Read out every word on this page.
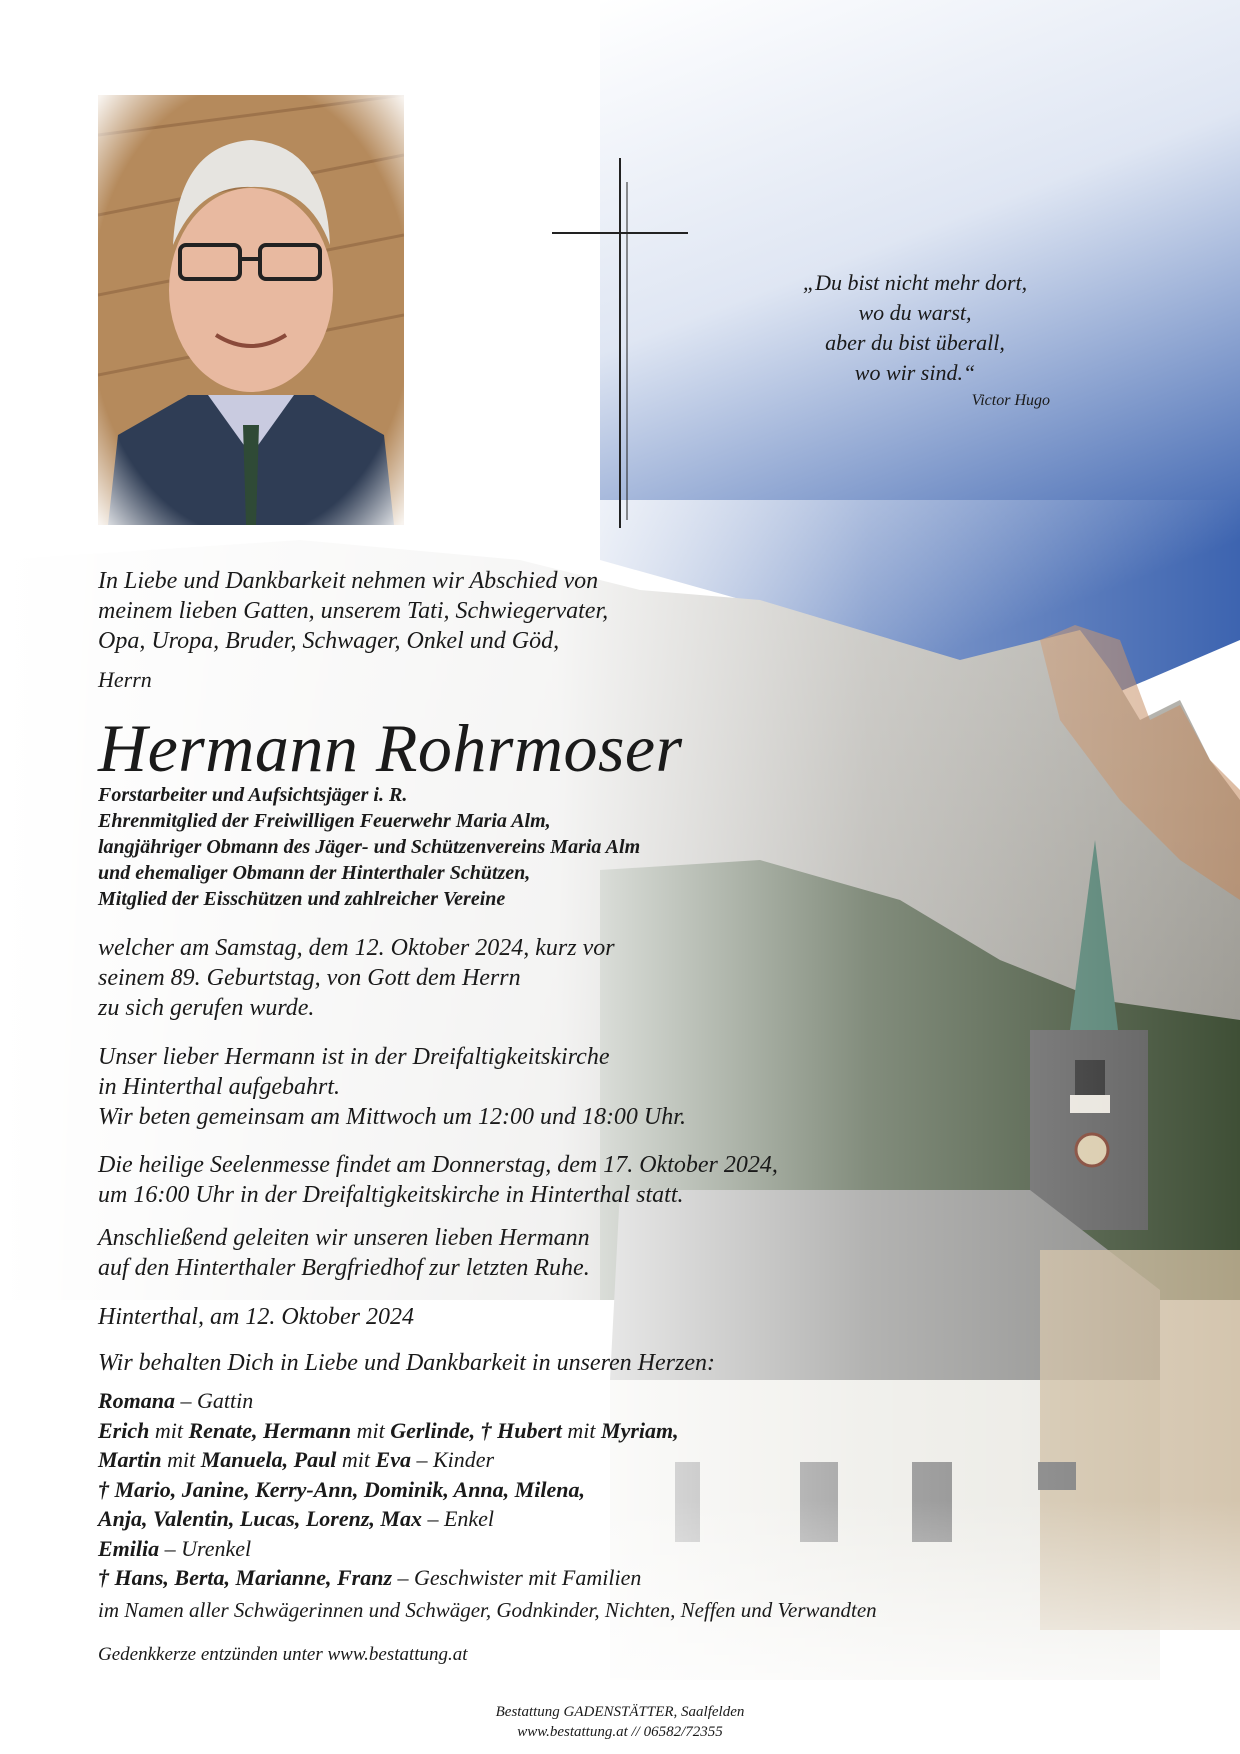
„Du bist nicht mehr dort,
wo du warst,
aber du bist überall,
wo wir sind.“
Victor Hugo
In Liebe und Dankbarkeit nehmen wir Abschied von
meinem lieben Gatten, unserem Tati, Schwiegervater,
Opa, Uropa, Bruder, Schwager, Onkel und Göd,
Herrn
Hermann Rohrmoser
Forstarbeiter und Aufsichtsjäger i. R.
Ehrenmitglied der Freiwilligen Feuerwehr Maria Alm,
langjähriger Obmann des Jäger- und Schützenvereins Maria Alm
und ehemaliger Obmann der Hinterthaler Schützen,
Mitglied der Eisschützen und zahlreicher Vereine
welcher am Samstag, dem 12. Oktober 2024, kurz vor
seinem 89. Geburtstag, von Gott dem Herrn
zu sich gerufen wurde.
Unser lieber Hermann ist in der Dreifaltigkeitskirche
in Hinterthal aufgebahrt.
Wir beten gemeinsam am Mittwoch um 12:00 und 18:00 Uhr.
Die heilige Seelenmesse findet am Donnerstag, dem 17. Oktober 2024,
um 16:00 Uhr in der Dreifaltigkeitskirche in Hinterthal statt.
Anschließend geleiten wir unseren lieben Hermann
auf den Hinterthaler Bergfriedhof zur letzten Ruhe.
Hinterthal, am 12. Oktober 2024
Wir behalten Dich in Liebe und Dankbarkeit in unseren Herzen:
Romana – Gattin
Erich mit Renate, Hermann mit Gerlinde, † Hubert mit Myriam,
Martin mit Manuela, Paul mit Eva – Kinder
† Mario, Janine, Kerry-Ann, Dominik, Anna, Milena,
Anja, Valentin, Lucas, Lorenz, Max – Enkel
Emilia – Urenkel
† Hans, Berta, Marianne, Franz – Geschwister mit Familien
im Namen aller Schwägerinnen und Schwäger, Godnkinder, Nichten, Neffen und Verwandten
Gedenkkerze entzünden unter www.bestattung.at
Bestattung GADENSTÄTTER, Saalfelden
www.bestattung.at // 06582/72355
